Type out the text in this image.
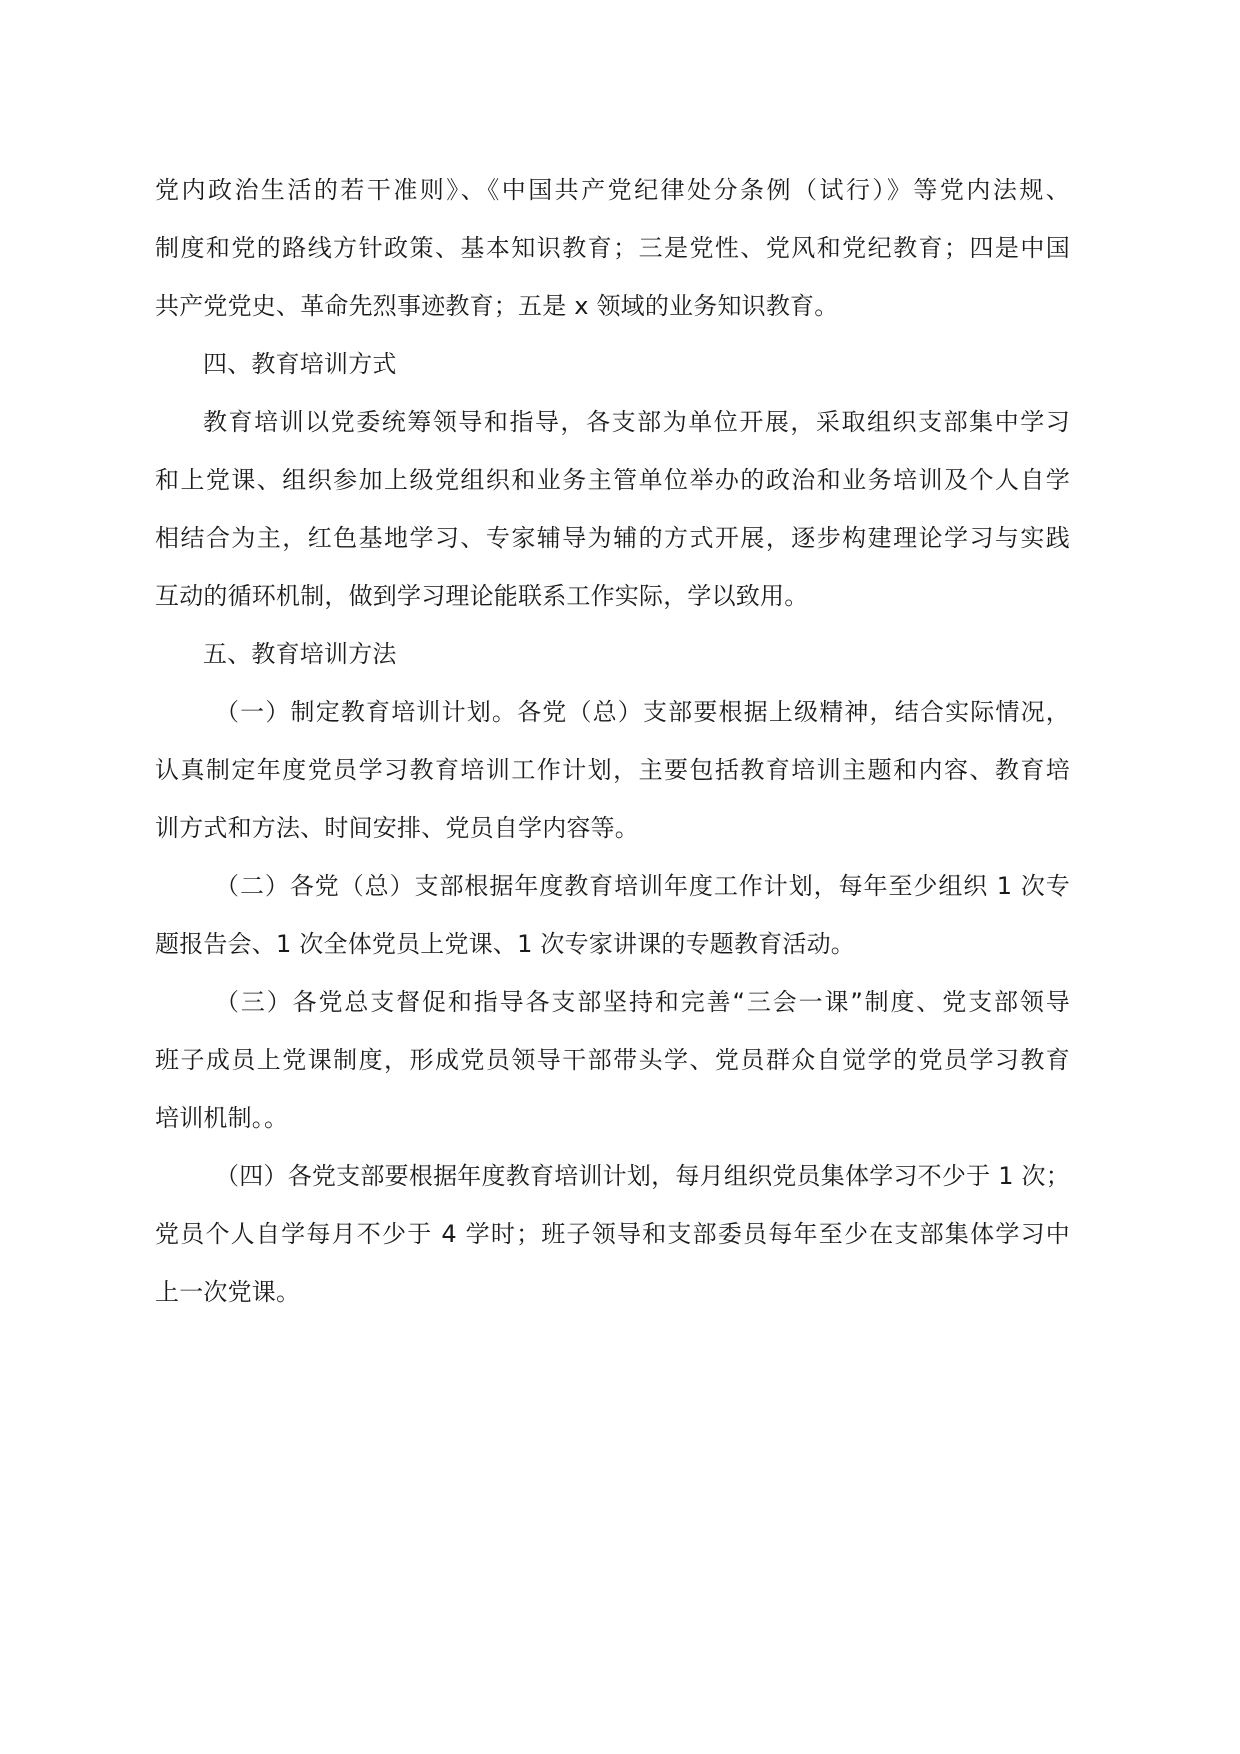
党内政治生活的若干准则》、《中国共产党纪律处分条例（试行）》等党内法规、
制度和党的路线方针政策、基本知识教育；三是党性、党风和党纪教育；四是中国
共产党党史、革命先烈事迹教育；五是 x 领域的业务知识教育。
四、教育培训方式
教育培训以党委统筹领导和指导，各支部为单位开展，采取组织支部集中学习
和上党课、组织参加上级党组织和业务主管单位举办的政治和业务培训及个人自学
相结合为主，红色基地学习、专家辅导为辅的方式开展，逐步构建理论学习与实践
互动的循环机制，做到学习理论能联系工作实际，学以致用。
五、教育培训方法
（一）制定教育培训计划。各党（总）支部要根据上级精神，结合实际情况，
认真制定年度党员学习教育培训工作计划，主要包括教育培训主题和内容、教育培
训方式和方法、时间安排、党员自学内容等。
（二）各党（总）支部根据年度教育培训年度工作计划，每年至少组织 1 次专
题报告会、1 次全体党员上党课、1 次专家讲课的专题教育活动。
（三）各党总支督促和指导各支部坚持和完善“三会一课”制度、党支部领导
班子成员上党课制度，形成党员领导干部带头学、党员群众自觉学的党员学习教育
培训机制。。
（四）各党支部要根据年度教育培训计划，每月组织党员集体学习不少于 1 次；
党员个人自学每月不少于 4 学时；班子领导和支部委员每年至少在支部集体学习中
上一次党课。
